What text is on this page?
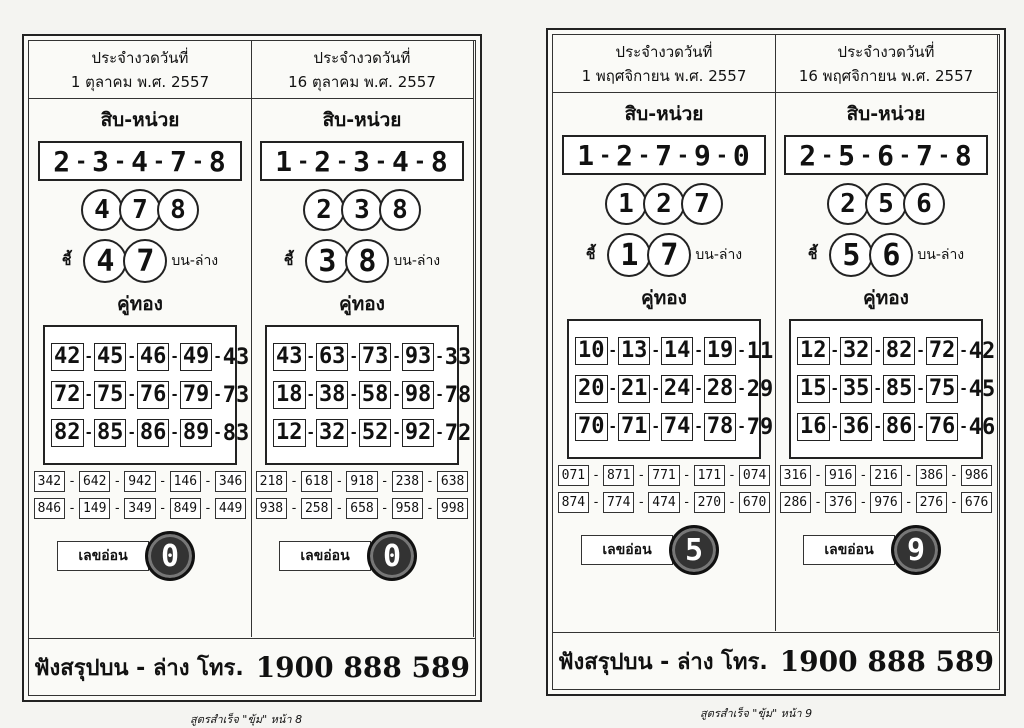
ประจำงวดวันที่
1 ตุลาคม พ.ศ. 2557
สิบ-หน่วย
2 - 3 - 4 - 7 - 8
4 7 8
ชี้ 4 7	บน-ล่าง
คู่ทอง
42 - 45 - 46 - 49 - 43
72 - 75 - 76 - 79 - 73
82 - 85 - 86 - 89 - 83
342 - 642 - 942 - 146 - 346
846 - 149 - 349 - 849 - 449
เลขอ่อน	0
ประจำงวดวันที่
16 ตุลาคม พ.ศ. 2557
สิบ-หน่วย
1 - 2 - 3 - 4 - 8
2 3 8
ชี้ 3 8	บน-ล่าง
คู่ทอง
43 - 63 - 73 - 93 - 33
18 - 38 - 58 - 98 - 78
12 - 32 - 52 - 92 - 72
218 - 618 - 918 - 238 - 638
938 - 258 - 658 - 958 - 998
เลขอ่อน	0
ฟังสรุปบน - ล่าง โทร. 1900 888 589
สูตรสำเร็จ "ขุ้ม" หน้า 8
ประจำงวดวันที่
1 พฤศจิกายน พ.ศ. 2557
สิบ-หน่วย
1 - 2 - 7 - 9 - 0
1 2 7
ชี้ 1 7	บน-ล่าง
คู่ทอง
10 - 13 - 14 - 19 - 11
20 - 21 - 24 - 28 - 29
70 - 71 - 74 - 78 - 79
071 - 871 - 771 - 171 - 074
874 - 774 - 474 - 270 - 670
เลขอ่อน	5
ประจำงวดวันที่
16 พฤศจิกายน พ.ศ. 2557
สิบ-หน่วย
2 - 5 - 6 - 7 - 8
2 5 6
ชี้ 5 6	บน-ล่าง
คู่ทอง
12 - 32 - 82 - 72 - 42
15 - 35 - 85 - 75 - 45
16 - 36 - 86 - 76 - 46
316 - 916 - 216 - 386 - 986
286 - 376 - 976 - 276 - 676
เลขอ่อน	9
ฟังสรุปบน - ล่าง โทร. 1900 888 589
สูตรสำเร็จ "ขุ้ม" หน้า 9
